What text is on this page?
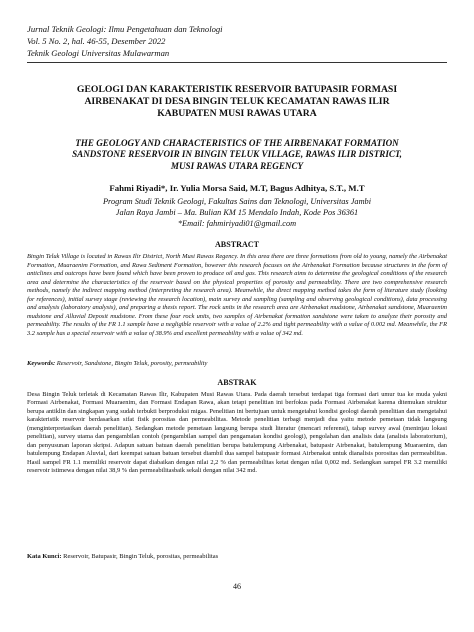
Jurnal Teknik Geologi: Ilmu Pengetahuan dan Teknologi
Vol. 5 No. 2, hal. 46-55, Desember 2022
Teknik Geologi Universitas Mulawarman
GEOLOGI DAN KARAKTERISTIK RESERVOIR BATUPASIR FORMASI
AIRBENAKAT DI DESA BINGIN TELUK KECAMATAN RAWAS ILIR
KABUPATEN MUSI RAWAS UTARA
THE GEOLOGY AND CHARACTERISTICS OF THE AIRBENAKAT FORMATION
SANDSTONE RESERVOIR IN BINGIN TELUK VILLAGE, RAWAS ILIR DISTRICT,
MUSI RAWAS UTARA REGENCY
Fahmi Riyadi*, Ir. Yulia Morsa Said, M.T, Bagus Adhitya, S.T., M.T
Program Studi Teknik Geologi, Fakultas Sains dan Teknologi, Universitas Jambi
Jalan Raya Jambi – Ma. Bulian KM 15 Mendalo Indah, Kode Pos 36361
*Email: fahmiriyadi01@gmail.com
ABSTRACT
Bingin Teluk Village is located in Rawas Ilir District, North Musi Rawas Regency. In this area there are three formations from old to young, namely the Airbenakat Formation, Muaraenim Formation, and Rawa Sediment Formation, however this research focuses on the Airbenakat Formation because structures in the form of anticlines and outcrops have been found which have been proven to produce oil and gas. This research aims to determine the geological conditions of the research area and determine the characteristics of the reservoir based on the physical properties of porosity and permeability. There are two comprehensive research methods, namely the indirect mapping method (interpreting the research area). Meanwhile, the direct mapping method takes the form of literature study (looking for references), initial survey stage (reviewing the research location), main survey and sampling (sampling and observing geological conditions), data processing and analysis (laboratory analysis), and preparing a thesis report. The rock units in the research area are Airbenakat mudstone, Airbenakat sandstone, Muaraenim mudstone and Alluvial Deposit mudstone. From these four rock units, two samples of Airbenakat formation sandstone were taken to analyze their porosity and permeability. The results of the FR 1.1 sample have a negligible reservoir with a value of 2.2% and tight permeability with a value of 0.002 md. Meanwhile, the FR 3.2 sample has a special reservoir with a value of 38.9% and excellent permeability with a value of 342 md.
Keywords: Reservoir, Sandstone, Bingin Teluk, porosity, permeability
ABSTRAK
Desa Bingin Teluk terletak di Kecamatan Rawas Ilir, Kabupaten Musi Rawas Utara. Pada daerah tersebut terdapat tiga formasi dari umur tua ke muda yakni Formasi Airbenakat, Formasi Muaraenim, dan Formasi Endapan Rawa, akan tetapi penelitian ini berfokus pada Formasi Airbenakat karena ditemukan struktur berupa antiklin dan singkapan yang sudah terbukti berproduksi migas. Penelitian ini bertujuan untuk mengetahui kondisi geologi daerah penelitian dan mengetahui karakteristik reservoir berdasarkan sifat fisik porositas dan permeabilitas. Metode penelitian terbagi menjadi dua yaitu metode pemetaan tidak langsung (menginterpretasikan daerah penelitian). Sedangkan metode pemetaan langsung berupa studi literatur (mencari referensi), tahap survey awal (meninjau lokasi penelitian), survey utama dan pengambilan contoh (pengambilan sampel dan pengamatan kondisi geologi), pengolahan dan analisis data (analisis laboratorium), dan penyusunan laporan skripsi. Adapun satuan batuan daerah penelitian berupa batulempung Airbenakat, batupasir Airbenakat, batulempung Muaraenim, dan batulempung Endapan Aluvial, dari keempat satuan batuan tersebut diambil dua sampel batupasir formasi Airbenakat untuk dianalisis porositas dan permeabilitas. Hasil sampel FR 1.1 memiliki reservoir dapat diabaikan dengan nilai 2,2 % dan permeabilitas ketat dengan nilai 0,002 md. Sedangkan sampel FR 3.2 memiliki reservoir istimewa dengan nilai 38,9 % dan permeabilitasbaik sekali dengan nilai 342 md.
Kata Kunci: Reservoir, Batupasir, Bingin Teluk, porositas, permeabilitas
46
